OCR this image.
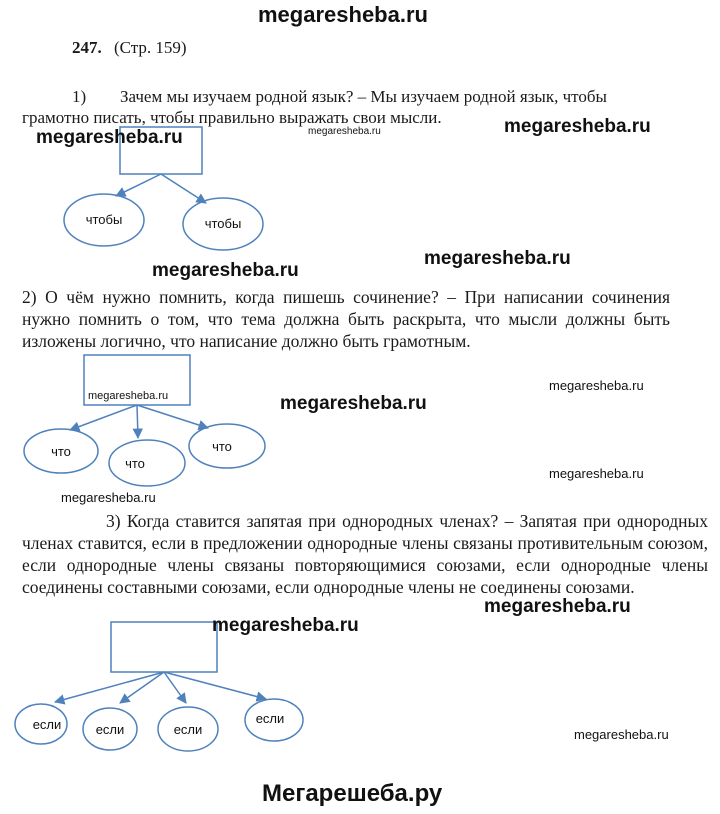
megaresheba.ru
247. (Стр. 159)
1) Зачем мы изучаем родной язык? – Мы изучаем родной язык, чтобы
грамотно писать, чтобы правильно выражать свои мысли.
2) О чём нужно помнить, когда пишешь сочинение? – При написании сочинения нужно помнить о том, что тема должна быть раскрыта, что мысли должны быть изложены логично, что написание должно быть грамотным.
3) Когда ставится запятая при однородных членах? – Запятая при однородных членах ставится, если в предложении однородные члены связаны противительным союзом, если однородные члены связаны повторяющимися союзами, если однородные члены соединены составными союзами, если однородные члены не соединены союзами.
чтобы	чтобы
что
что
что
если	если	если
если
megaresheba.ru	megaresheba.ru	megaresheba.ru
megaresheba.ru
megaresheba.ru
megaresheba.ru	megaresheba.ru
megaresheba.ru
megaresheba.ru
megaresheba.ru
megaresheba.ru
megaresheba.ru
megaresheba.ru
Мегарешеба.ру
